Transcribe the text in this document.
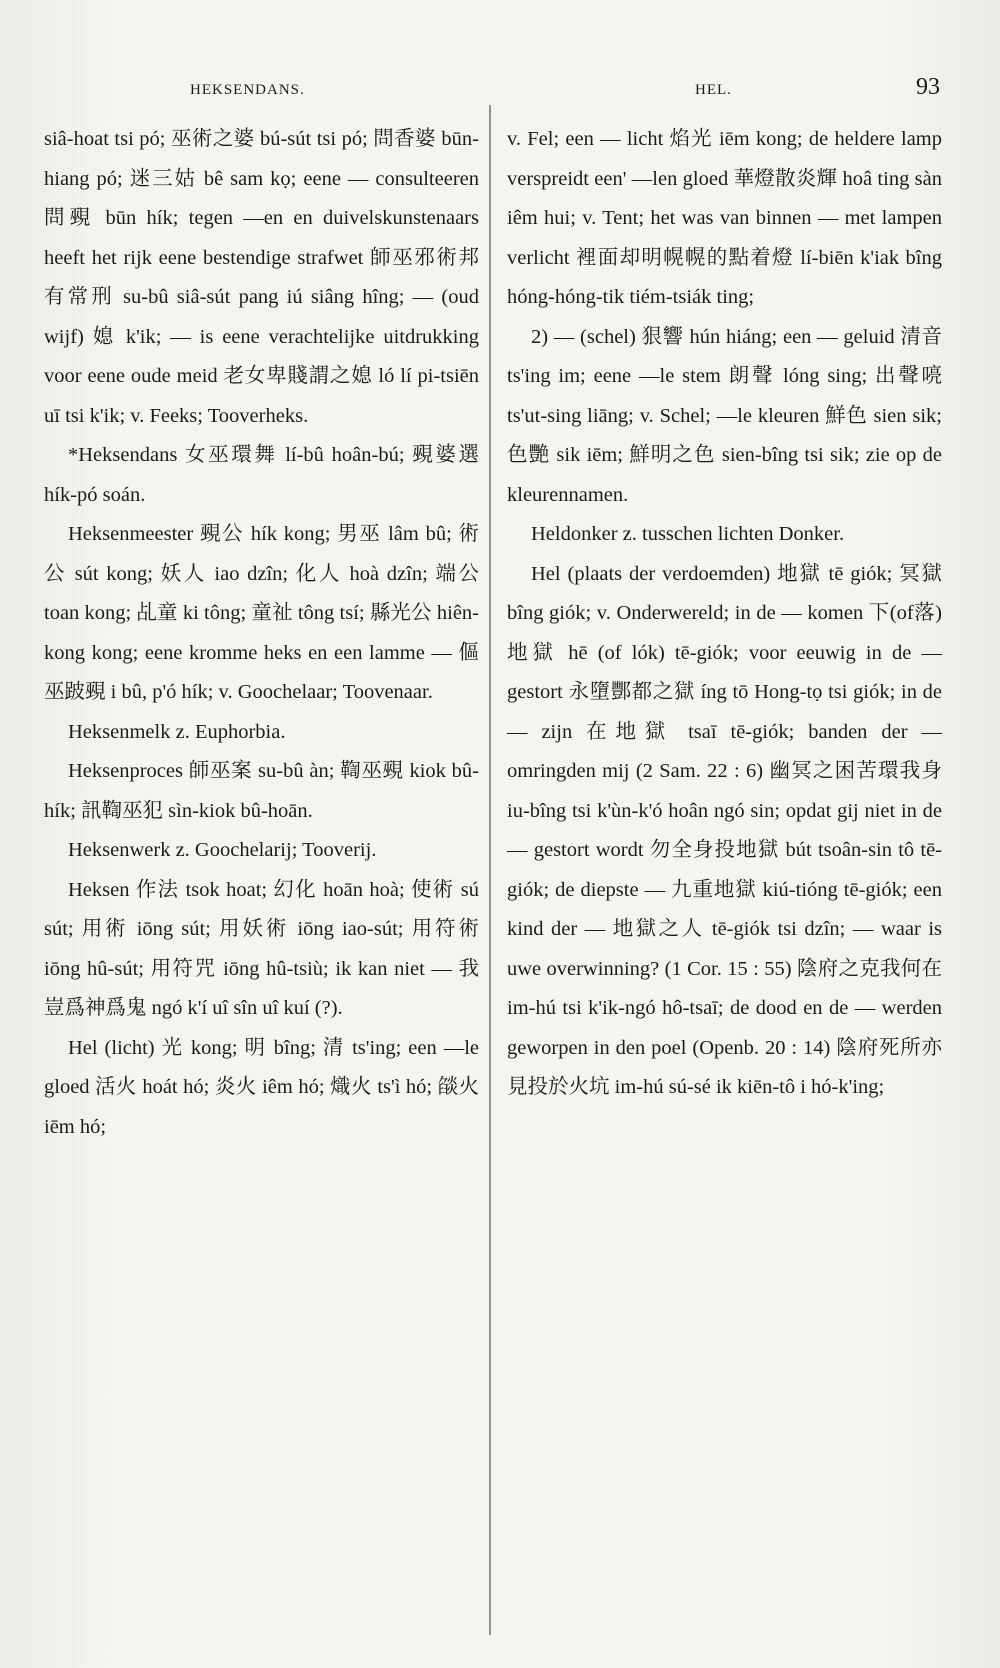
HEKSENDANS.	HEL.	93

siâ-hoat tsi pó; 巫術之婆 bú-sút tsi pó; 問香婆 būn-hiang pó; 迷三姑 bê sam kọ; eene — consulteeren 問覡 būn hík; tegen —en en duivelskunstenaars heeft het rijk eene bestendige strafwet 師巫邪術邦有常刑 su-bû siâ-sút pang iú siâng hîng; — (oud wijf) 媳 k'ik; — is eene verachtelijke uitdrukking voor eene oude meid 老女卑賤謂之媳 ló lí pi-tsiēn uī tsi k'ik; v. Feeks; Tooverheks.

*Heksendans 女巫環舞 lí-bû hoân-bú; 覡婆選 hík-pó soán.

Heksenmeester 覡公 hík kong; 男巫 lâm bû; 術公 sút kong; 妖人 iao dzîn; 化人 hoà dzîn; 端公 toan kong; 乩童 ki tông; 童祉 tông tsí; 縣光公 hiên-kong kong; eene kromme heks en een lamme — 傴巫跛覡 i bû, p'ó hík; v. Goochelaar; Toovenaar.

Heksenmelk z. Euphorbia.

Heksenproces 師巫案 su-bû àn; 鞫巫覡 kiok bû-hík; 訊鞫巫犯 sìn-kiok bû-hoān.

Heksenwerk z. Goochelarij; Tooverij.

Heksen 作法 tsok hoat; 幻化 hoān hoà; 使術 sú sút; 用術 iōng sút; 用妖術 iōng iao-sút; 用符術 iōng hû-sút; 用符咒 iōng hû-tsiù; ik kan niet — 我豈爲神爲鬼 ngó k'í uî sîn uî kuí (?).

Hel (licht) 光 kong; 明 bîng; 清 ts'ing; een —le gloed 活火 hoát hó; 炎火 iêm hó; 熾火 ts'ì hó; 燄火 iēm hó;

v. Fel; een — licht 焰光 iēm kong; de heldere lamp verspreidt een' —len gloed 華燈散炎輝 hoâ ting sàn iêm hui; v. Tent; het was van binnen — met lampen verlicht 裡面却明幌幌的點着燈 lí-biēn k'iak bîng hóng-hóng-tik tiém-tsiák ting;

2) — (schel) 狠響 hún hiáng; een — geluid 清音 ts'ing im; eene —le stem 朗聲 lóng sing; 出聲喨 ts'ut-sing liāng; v. Schel; —le kleuren 鮮色 sien sik; 色艷 sik iēm; 鮮明之色 sien-bîng tsi sik; zie op de kleurennamen.

Heldonker z. tusschen lichten Donker.

Hel (plaats der verdoemden) 地獄 tē giók; 冥獄 bîng giók; v. Onderwereld; in de — komen 下(of落)地獄 hē (of lók) tē-giók; voor eeuwig in de — gestort 永墮酆都之獄 íng tō Hong-tọ tsi giók; in de — zijn 在地獄 tsaī tē-giók; banden der — omringden mij (2 Sam. 22 : 6) 幽冥之困苦環我身 iu-bîng tsi k'ùn-k'ó hoân ngó sin; opdat gij niet in de — gestort wordt 勿全身投地獄 bút tsoân-sin tô tē-giók; de diepste — 九重地獄 kiú-tióng tē-giók; een kind der — 地獄之人 tē-giók tsi dzîn; — waar is uwe overwinning? (1 Cor. 15 : 55) 陰府之克我何在 im-hú tsi k'ik-ngó hô-tsaī; de dood en de — werden geworpen in den poel (Openb. 20 : 14) 陰府死所亦見投於火坑 im-hú sú-sé ik kiēn-tô i hó-k'ing;
